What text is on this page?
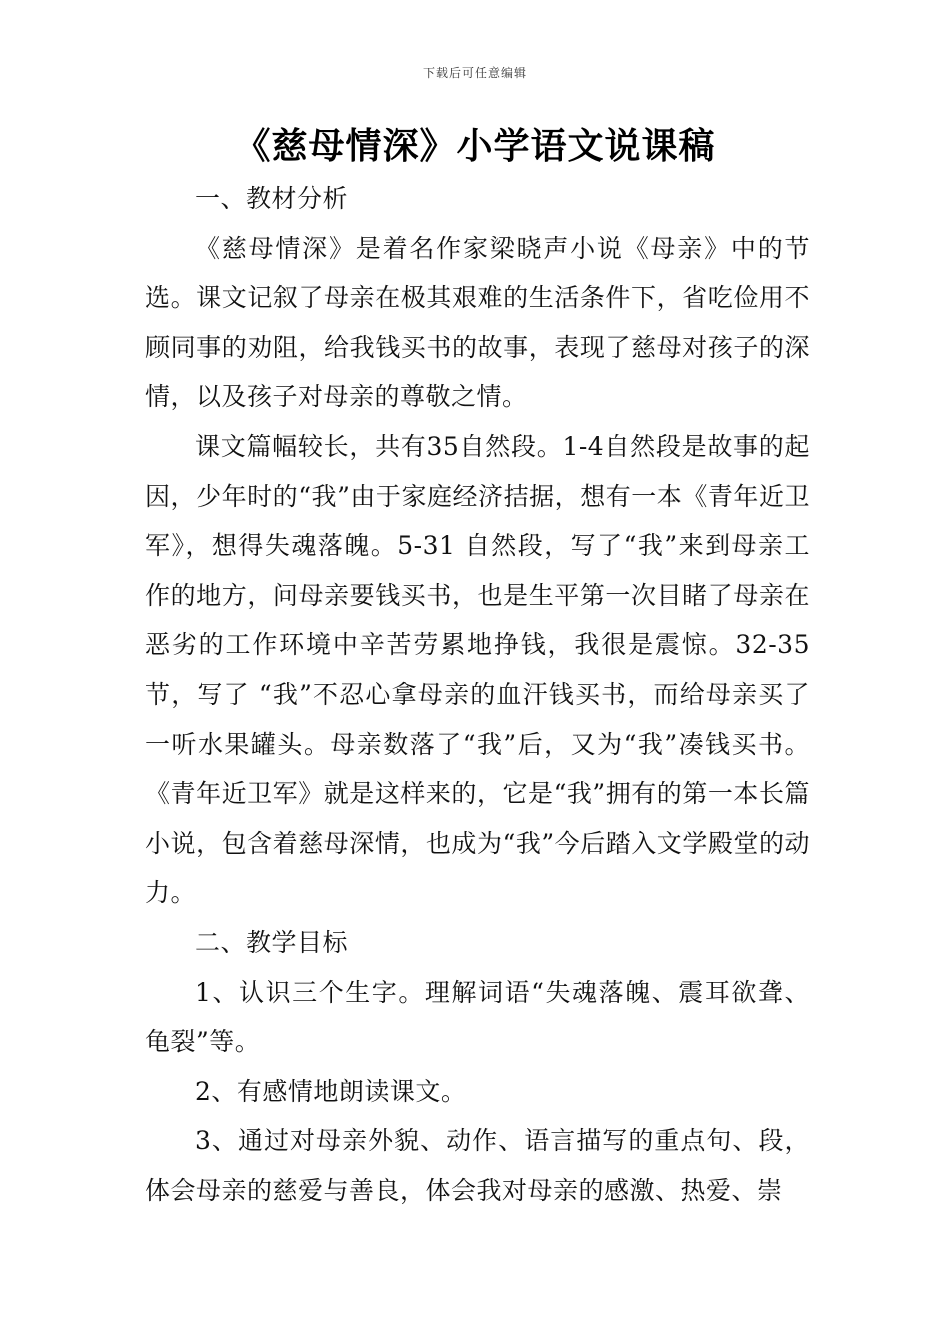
下载后可任意编辑
《慈母情深》小学语文说课稿

一、教材分析

《慈母情深》是着名作家梁晓声小说《母亲》中的节选。课文记叙了母亲在极其艰难的生活条件下，省吃俭用不顾同事的劝阻，给我钱买书的故事，表现了慈母对孩子的深情，以及孩子对母亲的尊敬之情。

课文篇幅较长，共有35自然段。1-4自然段是故事的起因，少年时的“我”由于家庭经济拮据，想有一本《青年近卫军》，想得失魂落魄。5-31 自然段，写了“我”来到母亲工作的地方，问母亲要钱买书，也是生平第一次目睹了母亲在恶劣的工作环境中辛苦劳累地挣钱，我很是震惊。32-35节，写了 “我”不忍心拿母亲的血汗钱买书，而给母亲买了一听水果罐头。母亲数落了“我”后，又为“我”凑钱买书。《青年近卫军》就是这样来的，它是“我”拥有的第一本长篇小说，包含着慈母深情，也成为“我”今后踏入文学殿堂的动力。

二、教学目标

1、认识三个生字。理解词语“失魂落魄、震耳欲聋、龟裂”等。

2、有感情地朗读课文。

3、通过对母亲外貌、动作、语言描写的重点句、段，体会母亲的慈爱与善良，体会我对母亲的感激、热爱、崇
